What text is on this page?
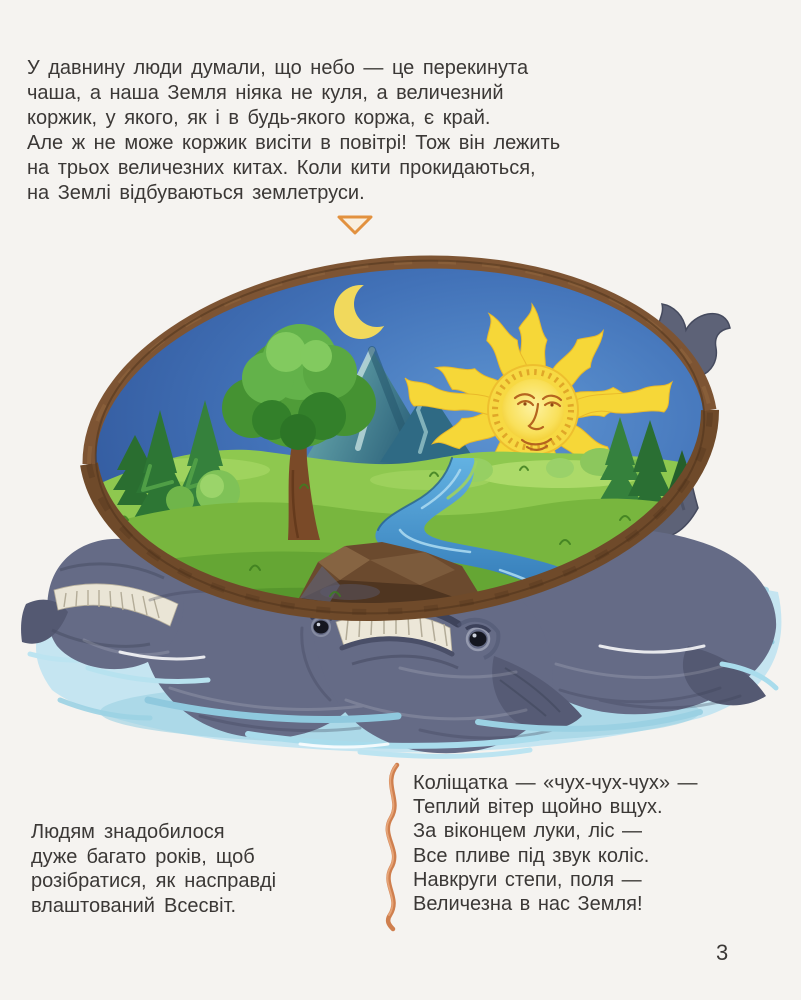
У давнину люди думали, що небо — це перекинута
чаша, а наша Земля ніяка не куля, а величезний
коржик, у якого, як і в будь-якого коржа, є край.
Але ж не може коржик висіти в повітрі! Тож він лежить
на трьох величезних китах. Коли кити прокидаються,
на Землі відбуваються землетруси.
Людям знадобилося
дуже багато років, щоб
розібратися, як насправді
влаштований Всесвіт.
Коліщатка — «чух-чух-чух» —
Теплий вітер щойно вщух.
За віконцем луки, ліс —
Все пливе під звук коліс.
Навкруги степи, поля —
Величезна в нас Земля!
3
